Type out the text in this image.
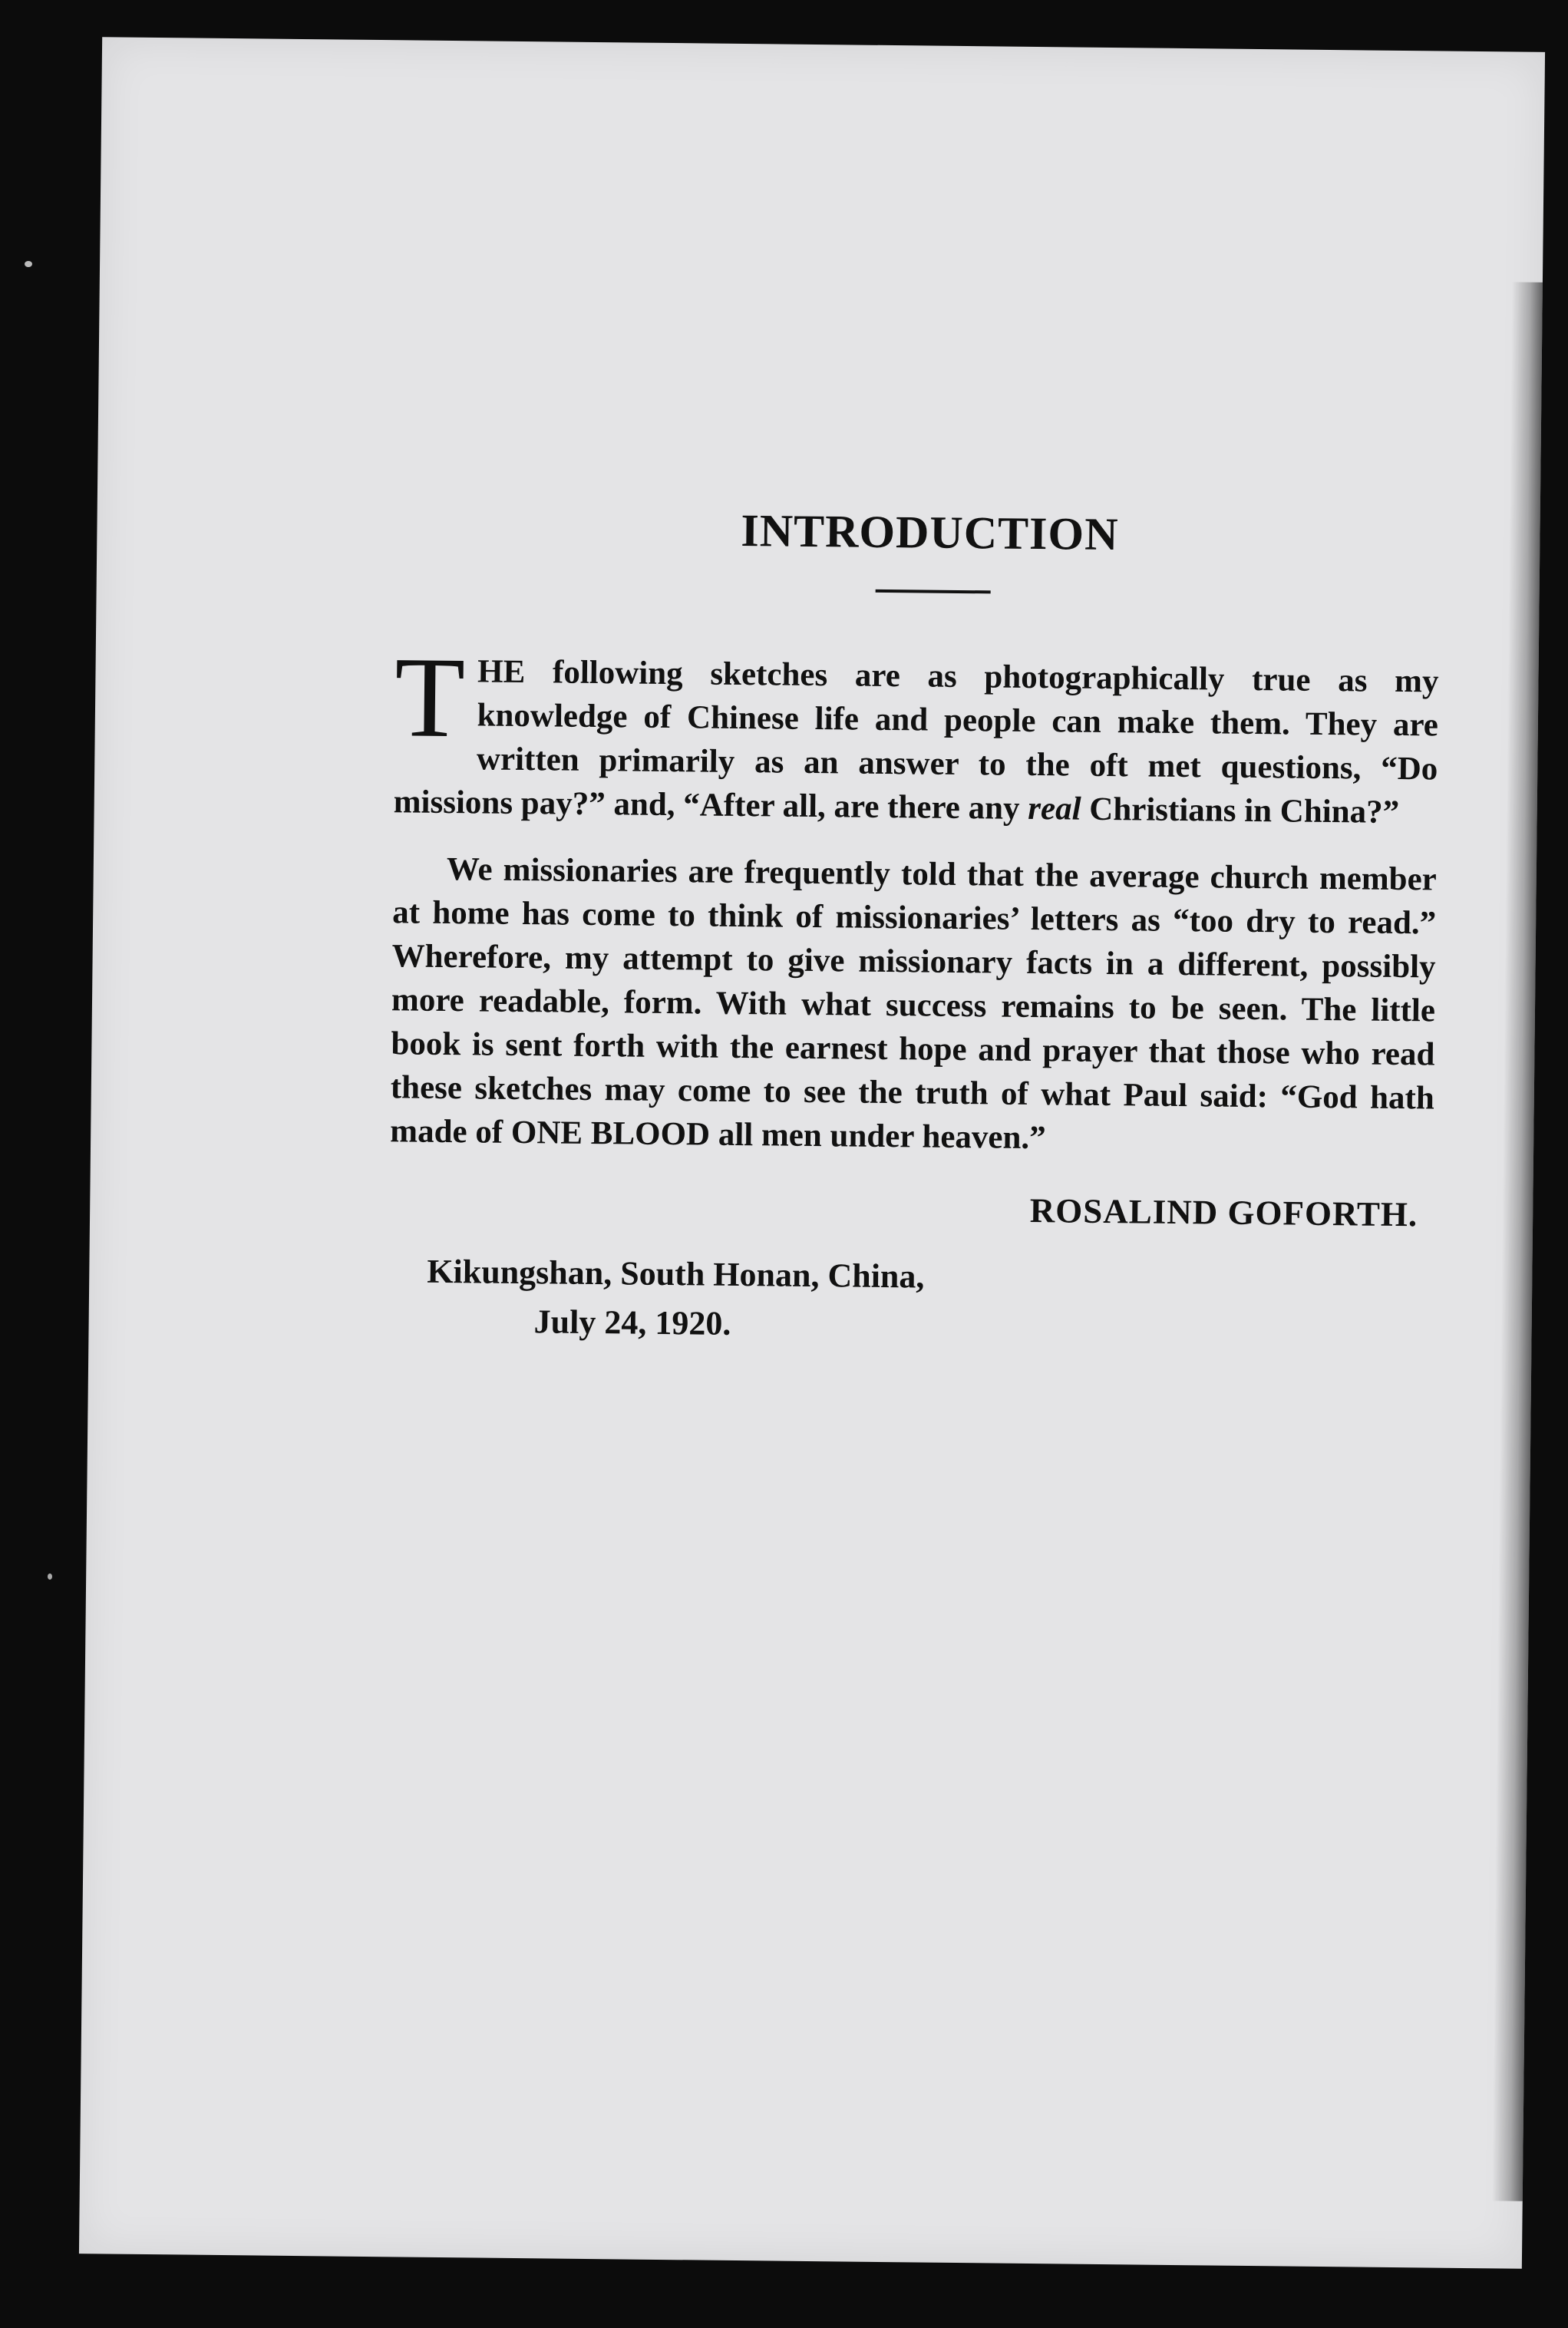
INTRODUCTION
THE following sketches are as photographically true as my knowledge of Chinese life and people can make them. They are written primarily as an answer to the oft met questions, “Do missions pay?” and, “After all, are there any real Christians in China?”

We missionaries are frequently told that the average church member at home has come to think of missionaries’ letters as “too dry to read.” Wherefore, my attempt to give missionary facts in a different, possibly more readable, form. With what success remains to be seen. The little book is sent forth with the earnest hope and prayer that those who read these sketches may come to see the truth of what Paul said: “God hath made of ONE BLOOD all men under heaven.”

ROSALIND GOFORTH.
Kikungshan, South Honan, China,
July 24, 1920.
